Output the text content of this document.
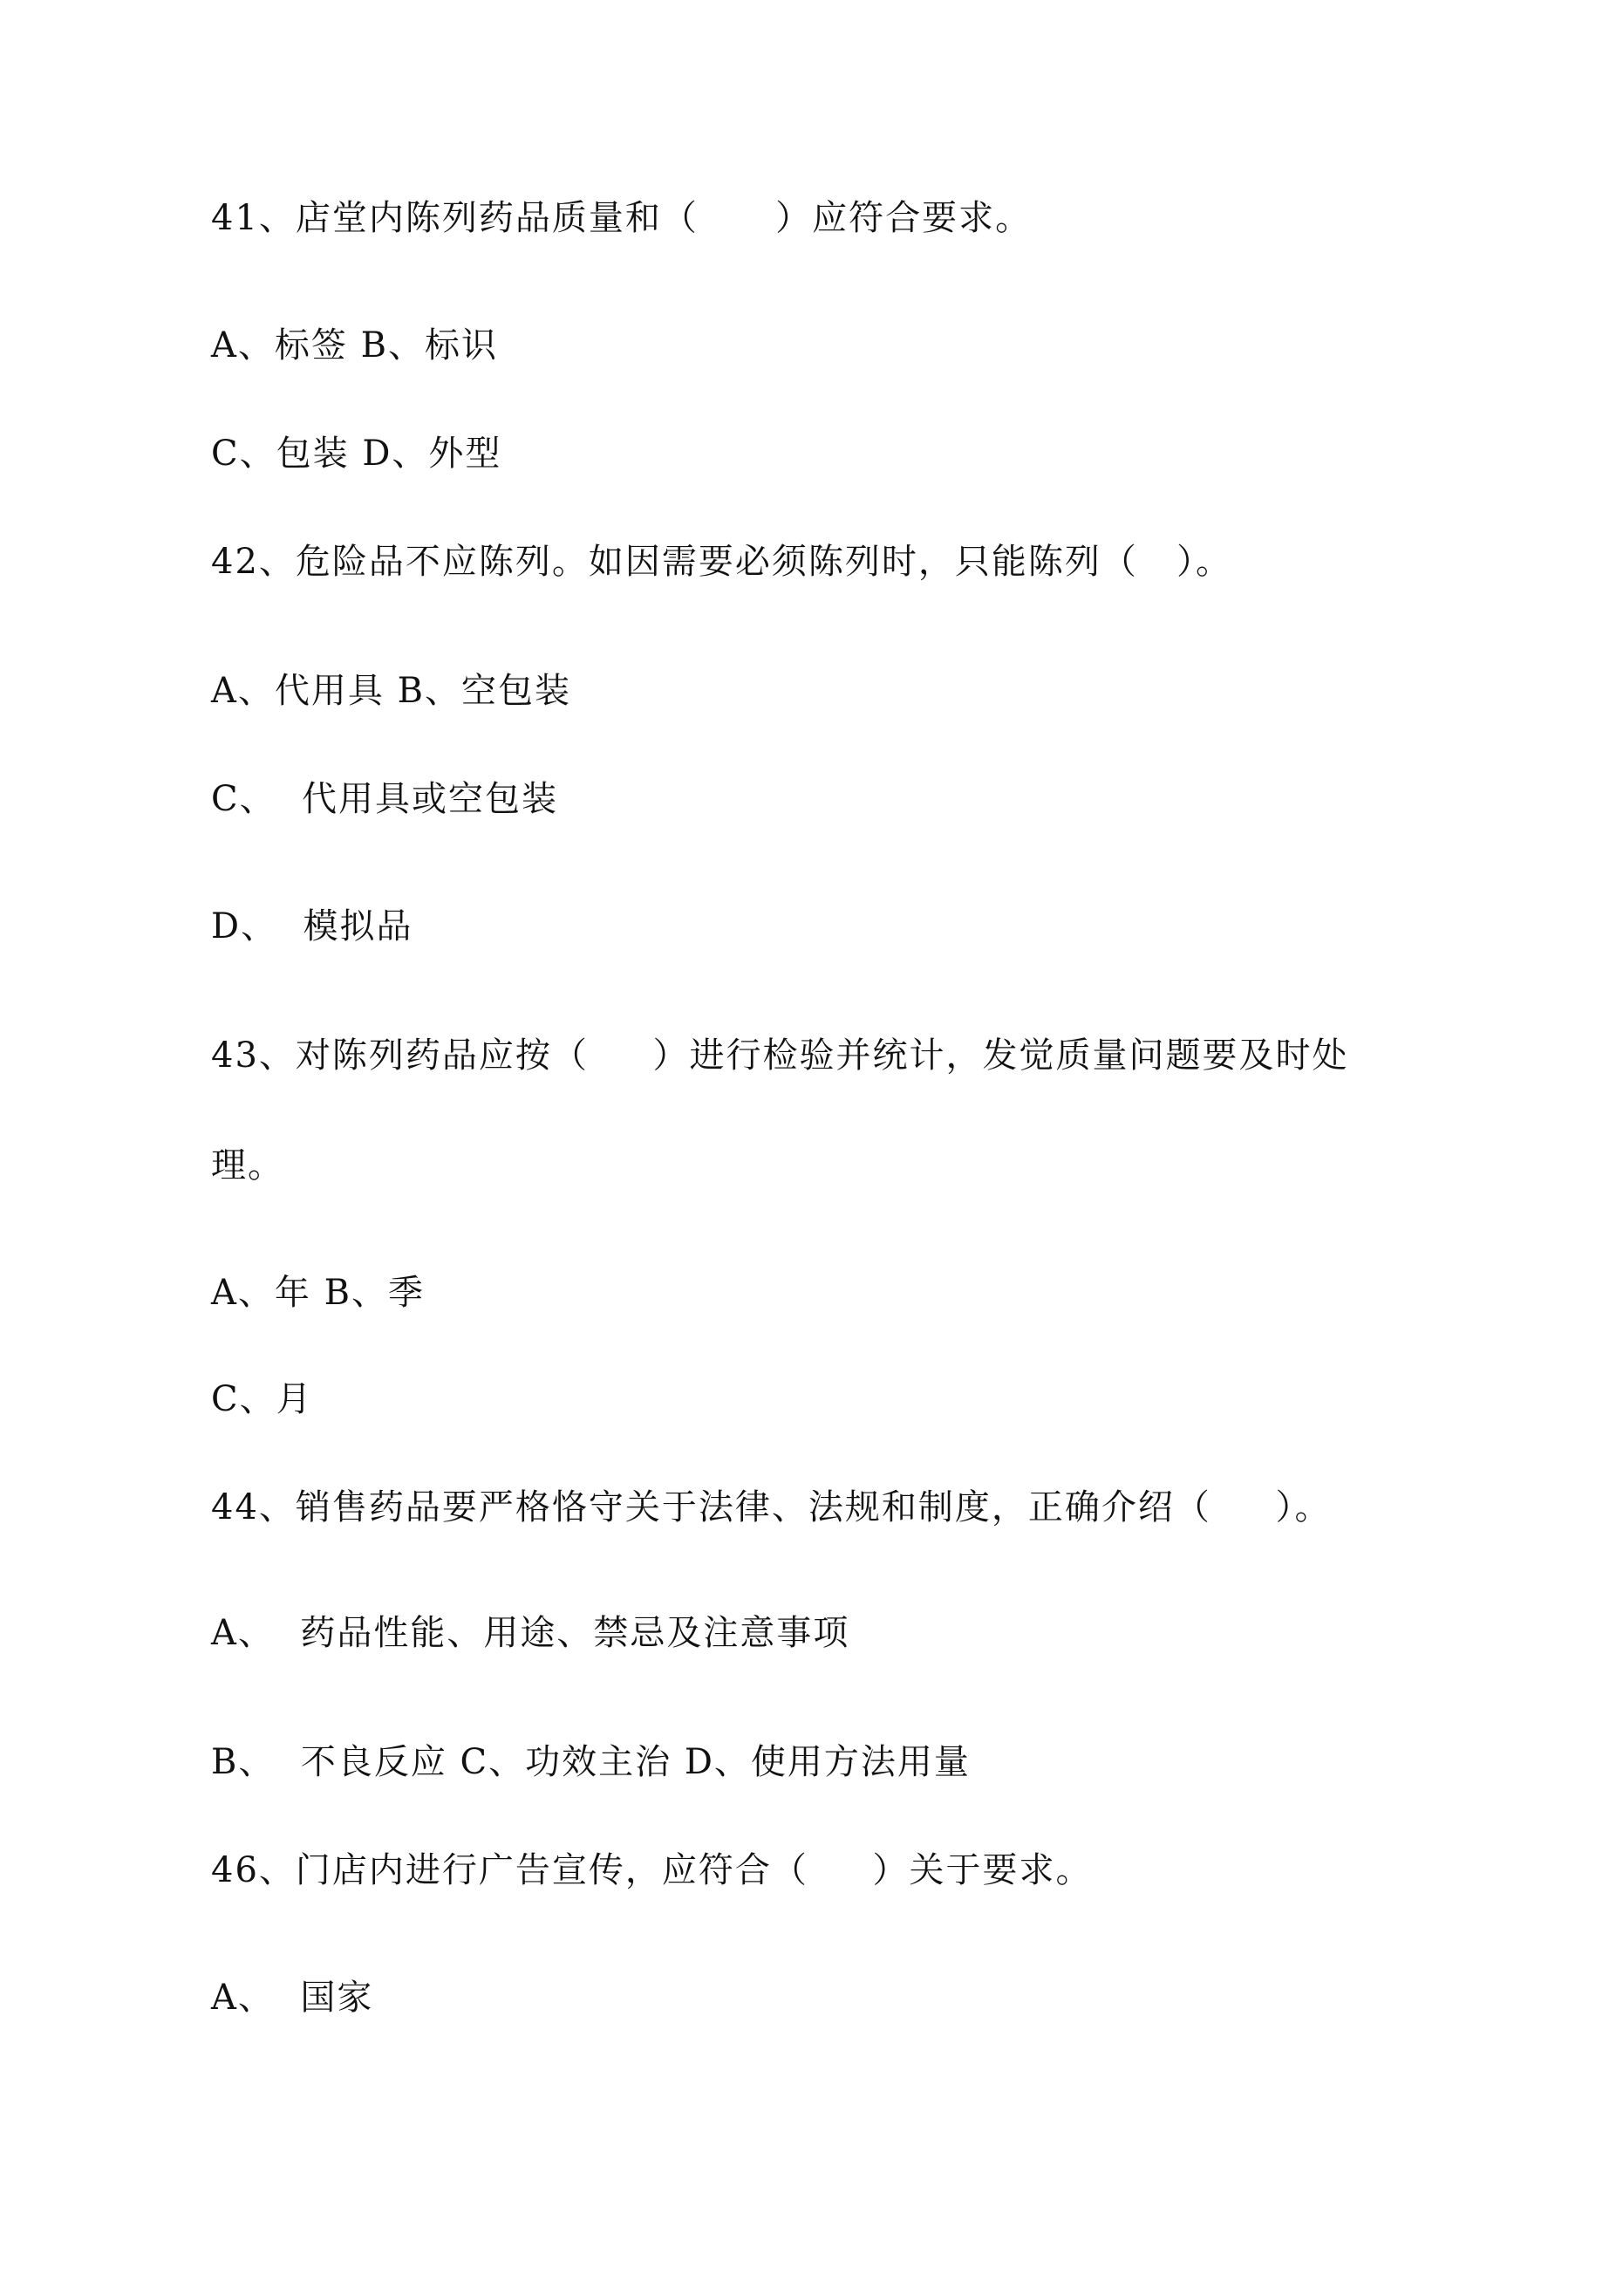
41、店堂内陈列药品质量和（      ）应符合要求。
A、标签 B、标识
C、包装 D、外型
42、危险品不应陈列。如因需要必须陈列时，只能陈列（   ）。
A、代用具 B、空包装
C、  代用具或空包装
D、  模拟品
43、对陈列药品应按（     ）进行检验并统计，发觉质量问题要及时处
理。
A、年 B、季
C、月
44、销售药品要严格恪守关于法律、法规和制度，正确介绍（     ）。
A、  药品性能、用途、禁忌及注意事项
B、  不良反应 C、功效主治 D、使用方法用量
46、门店内进行广告宣传，应符合（     ）关于要求。
A、  国家
